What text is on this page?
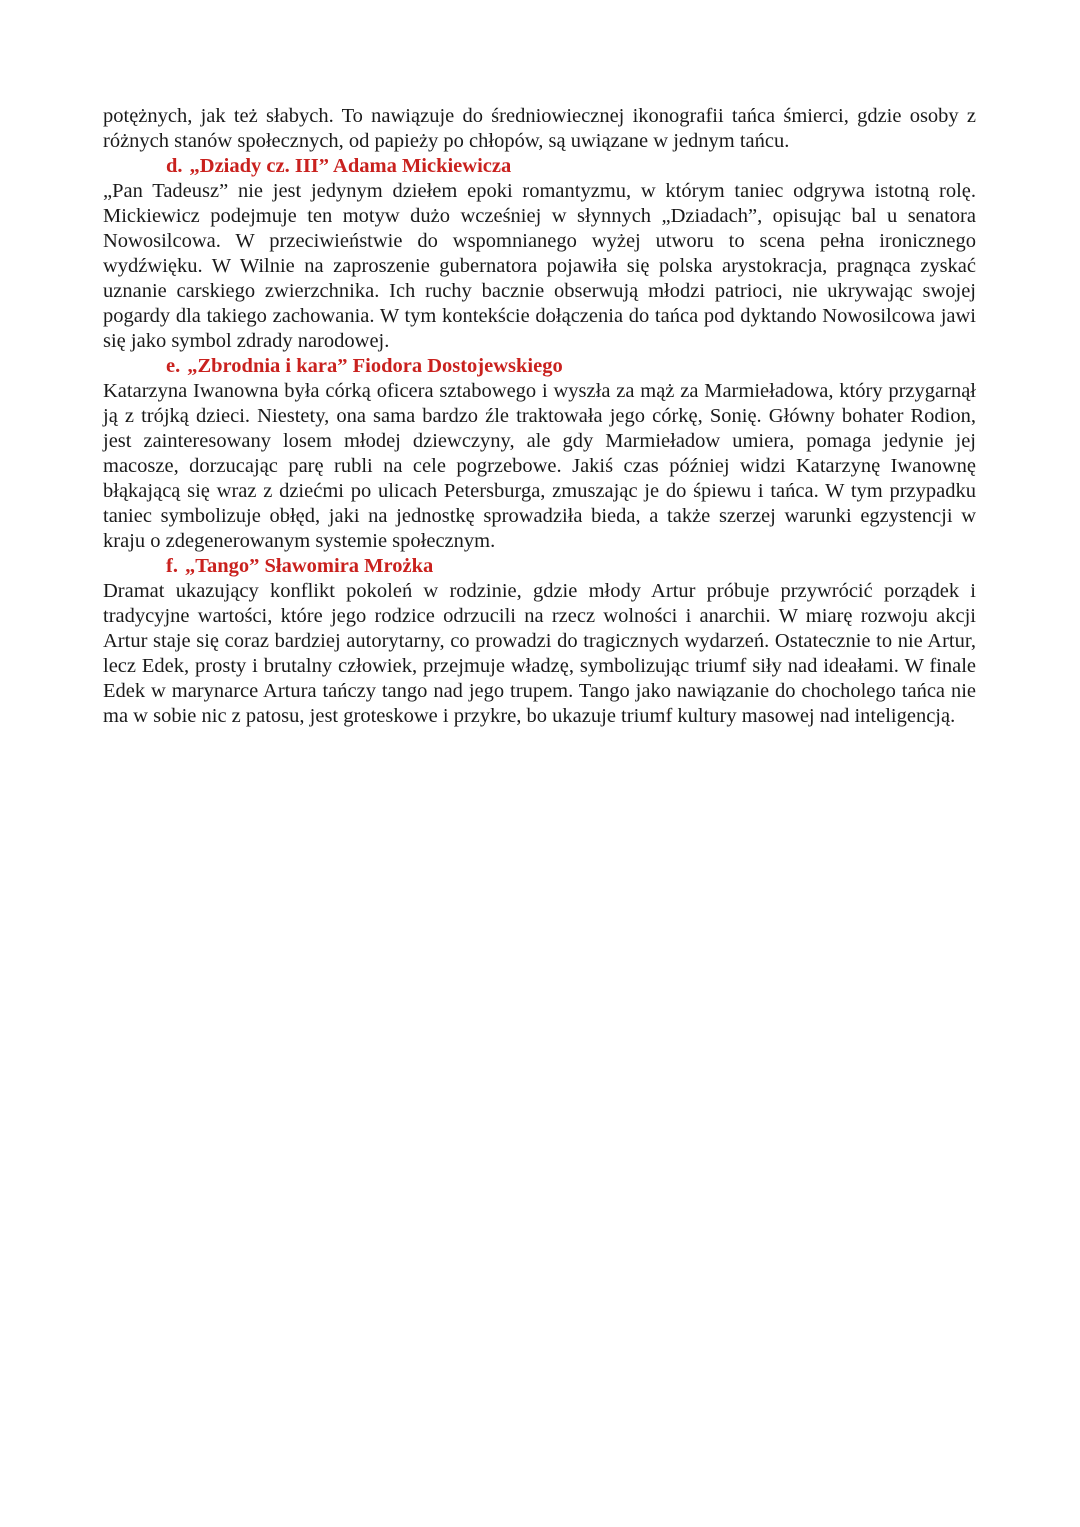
potężnych, jak też słabych. To nawiązuje do średniowiecznej ikonografii tańca śmierci, gdzie osoby z różnych stanów społecznych, od papieży po chłopów, są uwiązane w jednym tańcu.

d. „Dziady cz. III” Adama Mickiewicza

„Pan Tadeusz” nie jest jedynym dziełem epoki romantyzmu, w którym taniec odgrywa istotną rolę. Mickiewicz podejmuje ten motyw dużo wcześniej w słynnych „Dziadach”, opisując bal u senatora Nowosilcowa. W przeciwieństwie do wspomnianego wyżej utworu to scena pełna ironicznego wydźwięku. W Wilnie na zaproszenie gubernatora pojawiła się polska arystokracja, pragnąca zyskać uznanie carskiego zwierzchnika. Ich ruchy bacznie obserwują młodzi patrioci, nie ukrywając swojej pogardy dla takiego zachowania. W tym kontekście dołączenia do tańca pod dyktando Nowosilcowa jawi się jako symbol zdrady narodowej.

e. „Zbrodnia i kara” Fiodora Dostojewskiego

Katarzyna Iwanowna była córką oficera sztabowego i wyszła za mąż za Marmieładowa, który przygarnął ją z trójką dzieci. Niestety, ona sama bardzo źle traktowała jego córkę, Sonię. Główny bohater Rodion, jest zainteresowany losem młodej dziewczyny, ale gdy Marmieładow umiera, pomaga jedynie jej macosze, dorzucając parę rubli na cele pogrzebowe. Jakiś czas później widzi Katarzynę Iwanownę błąkającą się wraz z dziećmi po ulicach Petersburga, zmuszając je do śpiewu i tańca. W tym przypadku taniec symbolizuje obłęd, jaki na jednostkę sprowadziła bieda, a także szerzej warunki egzystencji w kraju o zdegenerowanym systemie społecznym.

f. „Tango” Sławomira Mrożka

Dramat ukazujący konflikt pokoleń w rodzinie, gdzie młody Artur próbuje przywrócić porządek i tradycyjne wartości, które jego rodzice odrzucili na rzecz wolności i anarchii. W miarę rozwoju akcji Artur staje się coraz bardziej autorytarny, co prowadzi do tragicznych wydarzeń. Ostatecznie to nie Artur, lecz Edek, prosty i brutalny człowiek, przejmuje władzę, symbolizując triumf siły nad ideałami. W finale Edek w marynarce Artura tańczy tango nad jego trupem. Tango jako nawiązanie do chocholego tańca nie ma w sobie nic z patosu, jest groteskowe i przykre, bo ukazuje triumf kultury masowej nad inteligencją.
